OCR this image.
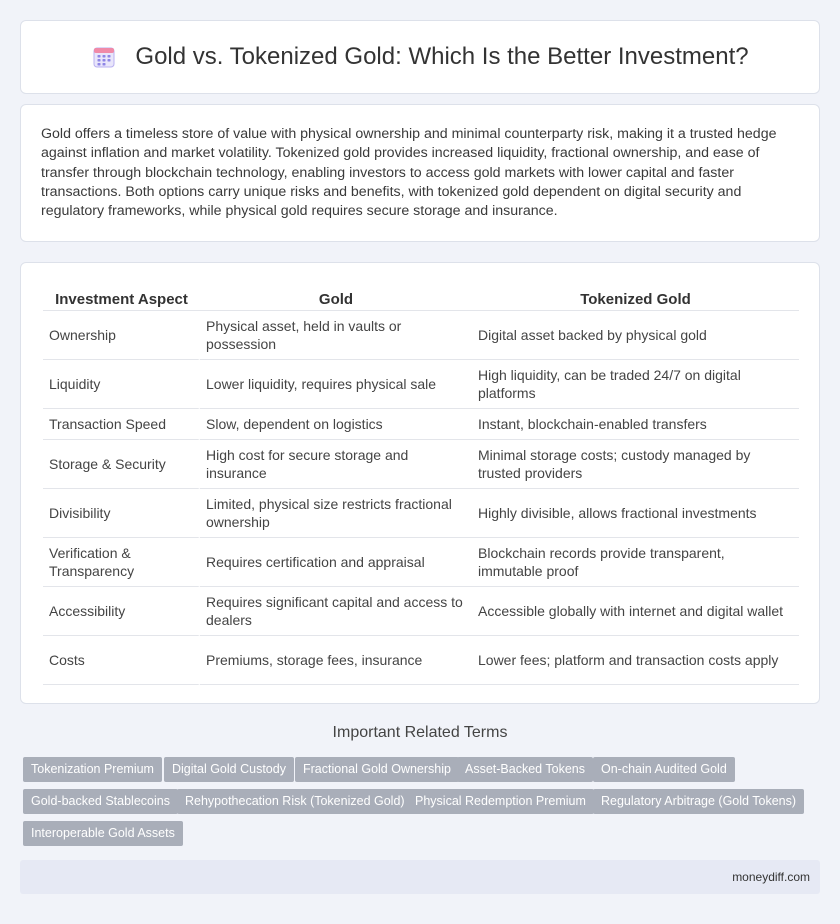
Gold vs. Tokenized Gold: Which Is the Better Investment?

Gold offers a timeless store of value with physical ownership and minimal counterparty risk, making it a trusted hedge against inflation and market volatility. Tokenized gold provides increased liquidity, fractional ownership, and ease of transfer through blockchain technology, enabling investors to access gold markets with lower capital and faster transactions. Both options carry unique risks and benefits, with tokenized gold dependent on digital security and regulatory frameworks, while physical gold requires secure storage and insurance.

Investment Aspect	Gold	Tokenized Gold
Ownership	Physical asset, held in vaults or possession	Digital asset backed by physical gold
Liquidity	Lower liquidity, requires physical sale	High liquidity, can be traded 24/7 on digital platforms
Transaction Speed	Slow, dependent on logistics	Instant, blockchain-enabled transfers
Storage & Security	High cost for secure storage and insurance	Minimal storage costs; custody managed by trusted providers
Divisibility	Limited, physical size restricts fractional ownership	Highly divisible, allows fractional investments
Verification & Transparency	Requires certification and appraisal	Blockchain records provide transparent, immutable proof
Accessibility	Requires significant capital and access to dealers	Accessible globally with internet and digital wallet
Costs	Premiums, storage fees, insurance	Lower fees; platform and transaction costs apply
Important Related Terms
Tokenization Premium	Digital Gold Custody	Fractional Gold Ownership	Asset-Backed Tokens	On-chain Audited Gold
Gold-backed Stablecoins	Rehypothecation Risk (Tokenized Gold) Physical Redemption Premium	Regulatory Arbitrage (Gold Tokens)
Interoperable Gold Assets
moneydiff.com
